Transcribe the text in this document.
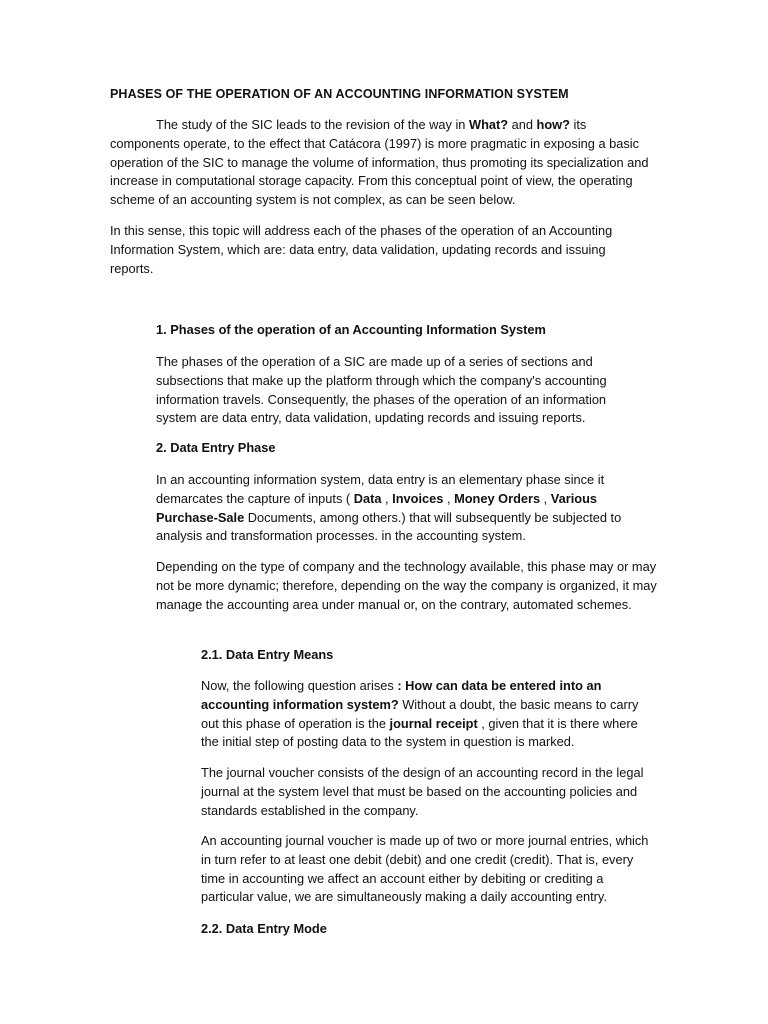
PHASES OF THE OPERATION OF AN ACCOUNTING INFORMATION SYSTEM

The study of the SIC leads to the revision of the way in What? and how? its components operate, to the effect that Catácora (1997) is more pragmatic in exposing a basic operation of the SIC to manage the volume of information, thus promoting its specialization and increase in computational storage capacity. From this conceptual point of view, the operating scheme of an accounting system is not complex, as can be seen below.

In this sense, this topic will address each of the phases of the operation of an Accounting Information System, which are: data entry, data validation, updating records and issuing reports.

1. Phases of the operation of an Accounting Information System

The phases of the operation of a SIC are made up of a series of sections and subsections that make up the platform through which the company's accounting information travels. Consequently, the phases of the operation of an information system are data entry, data validation, updating records and issuing reports.

2. Data Entry Phase

In an accounting information system, data entry is an elementary phase since it demarcates the capture of inputs ( Data , Invoices , Money Orders , Various Purchase-Sale Documents, among others.) that will subsequently be subjected to analysis and transformation processes. in the accounting system.

Depending on the type of company and the technology available, this phase may or may not be more dynamic; therefore, depending on the way the company is organized, it may manage the accounting area under manual or, on the contrary, automated schemes.

2.1. Data Entry Means

Now, the following question arises : How can data be entered into an accounting information system? Without a doubt, the basic means to carry out this phase of operation is the journal receipt , given that it is there where the initial step of posting data to the system in question is marked.

The journal voucher consists of the design of an accounting record in the legal journal at the system level that must be based on the accounting policies and standards established in the company.

An accounting journal voucher is made up of two or more journal entries, which in turn refer to at least one debit (debit) and one credit (credit). That is, every time in accounting we affect an account either by debiting or crediting a particular value, we are simultaneously making a daily accounting entry.

2.2. Data Entry Mode
